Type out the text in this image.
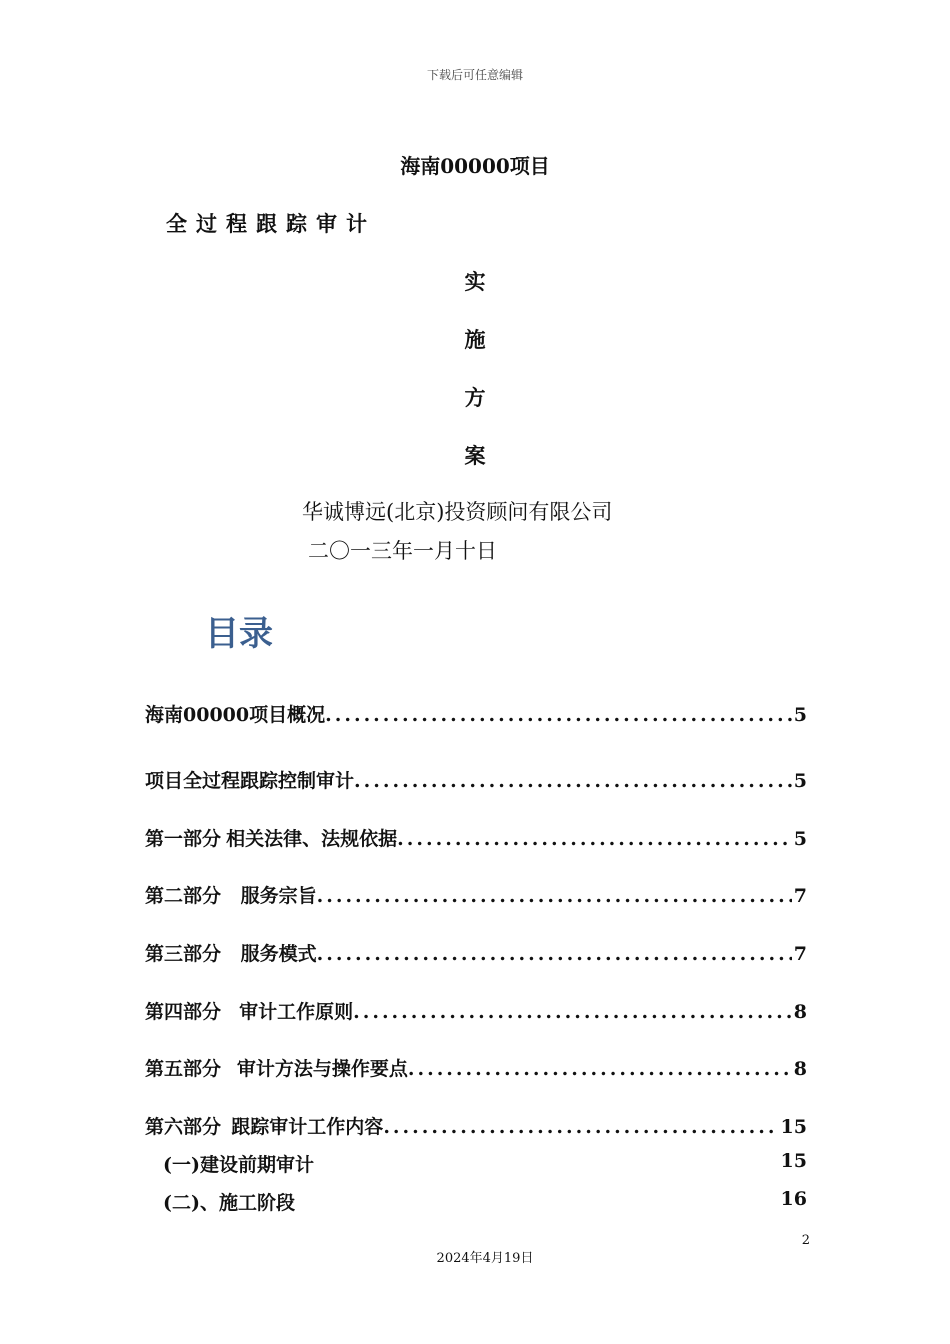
下载后可任意编辑
海南00000项目
全过程跟踪审计
实
施
方
案
华诚博远(北京)投资顾问有限公司
二〇一三年一月十日
目录
海南00000项目概况 .....	5
项目全过程跟踪控制审计 .....	5
第一部分 相关法律、法规依据 .....	5
第二部分 服务宗旨 .....	7
第三部分 服务模式 .....	7
第四部分 审计工作原则 .....	8
第五部分 审计方法与操作要点 .....	8
第六部分 跟踪审计工作内容 .....	15
(一)建设前期审计	15
(二)、施工阶段	16
2
2024年4月19日
